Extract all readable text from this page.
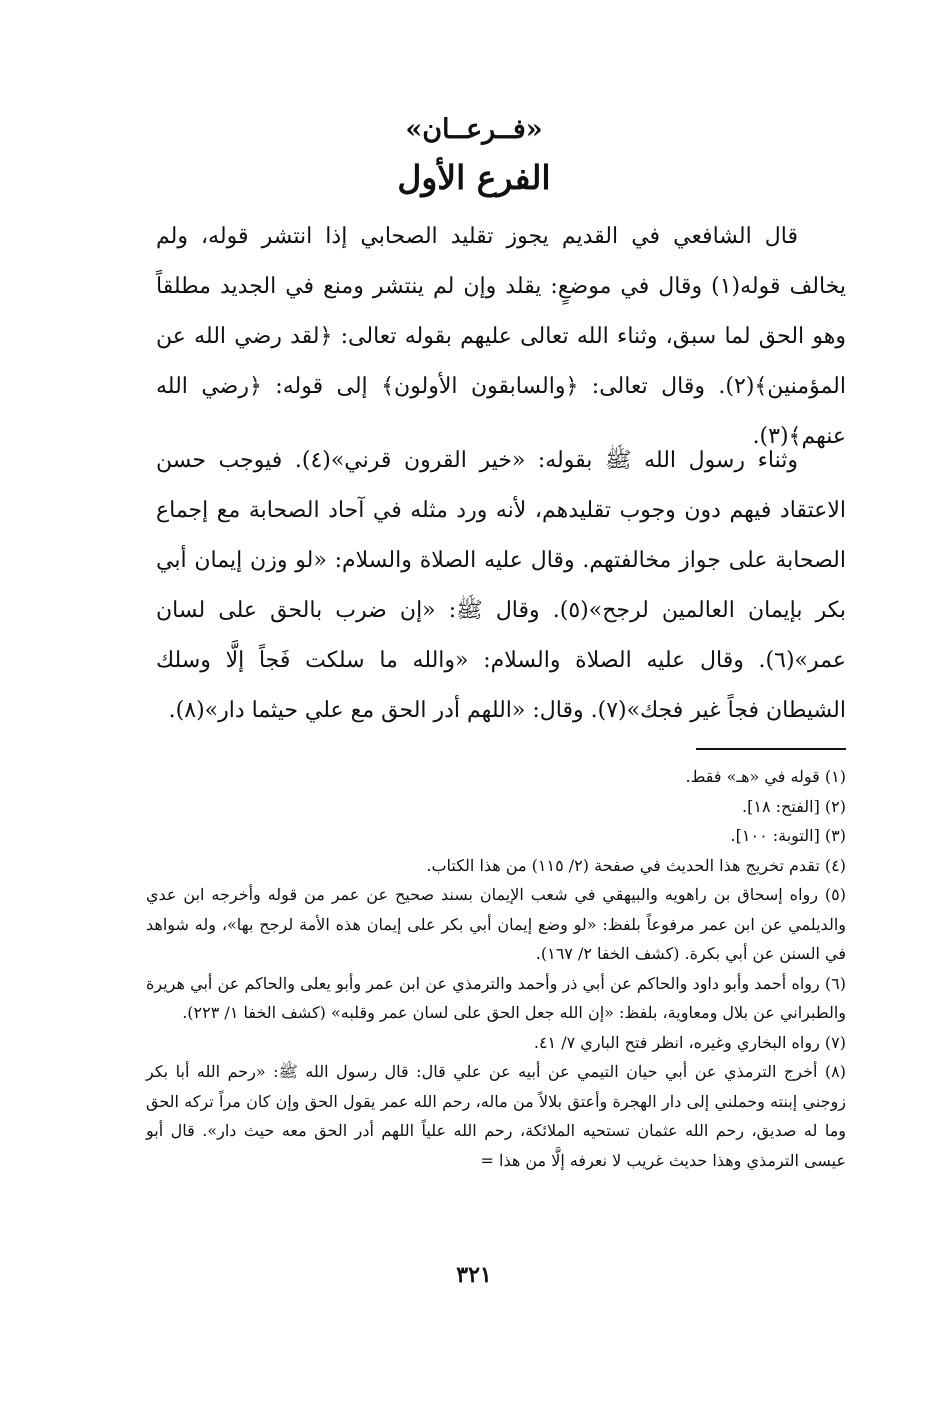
«فــرعــان»
الفرع الأول

قال الشافعي في القديم يجوز تقليد الصحابي إذا انتشر قوله، ولم يخالف قوله(١) وقال في موضعٍ: يقلد وإن لم ينتشر ومنع في الجديد مطلقاً وهو الحق لما سبق، وثناء الله تعالى عليهم بقوله تعالى: ﴿لقد رضي الله عن المؤمنين﴾(٢). وقال تعالى: ﴿والسابقون الأولون﴾ إلى قوله: ﴿رضي الله عنهم﴾(٣).

وثناء رسول الله ﷺ بقوله: «خير القرون قرني»(٤). فيوجب حسن الاعتقاد فيهم دون وجوب تقليدهم، لأنه ورد مثله في آحاد الصحابة مع إجماع الصحابة على جواز مخالفتهم. وقال عليه الصلاة والسلام: «لو وزن إيمان أبي بكر بإيمان العالمين لرجح»(٥). وقال ﷺ: «إن ضرب بالحق على لسان عمر»(٦). وقال عليه الصلاة والسلام: «والله ما سلكت فَجاً إلَّا وسلك الشيطان فجاً غير فجك»(٧). وقال: «اللهم أدر الحق مع علي حيثما دار»(٨).

(١) قوله في «هـ» فقط.
(٢) [الفتح: ١٨].
(٣) [التوبة: ١٠٠].
(٤) تقدم تخريج هذا الحديث في صفحة (٢/ ١١٥) من هذا الكتاب.
(٥) رواه إسحاق بن راهويه والبيهقي في شعب الإيمان بسند صحيح عن عمر من قوله وأخرجه ابن عدي والديلمي عن ابن عمر مرفوعاً بلفظ: «لو وضع إيمان أبي بكر على إيمان هذه الأمة لرجح بها»، وله شواهد في السنن عن أبي بكرة. (كشف الخفا ٢/ ١٦٧).
(٦) رواه أحمد وأبو داود والحاكم عن أبي ذر وأحمد والترمذي عن ابن عمر وأبو يعلى والحاكم عن أبي هريرة والطبراني عن بلال ومعاوية، بلفظ: «إن الله جعل الحق على لسان عمر وقلبه» (كشف الخفا ١/ ٢٢٣).
(٧) رواه البخاري وغيره، انظر فتح الباري ٧/ ٤١.
(٨) أخرج الترمذي عن أبي حيان التيمي عن أبيه عن علي قال: قال رسول الله ﷺ: «رحم الله أبا بكر زوجني إبنته وحملني إلى دار الهجرة وأعتق بلالاً من ماله، رحم الله عمر يقول الحق وإن كان مراً تركه الحق وما له صديق، رحم الله عثمان تستحيه الملائكة، رحم الله علياً اللهم أدر الحق معه حيث دار». قال أبو عيسى الترمذي وهذا حديث غريب لا نعرفه إلَّا من هذا =
٣٢١
